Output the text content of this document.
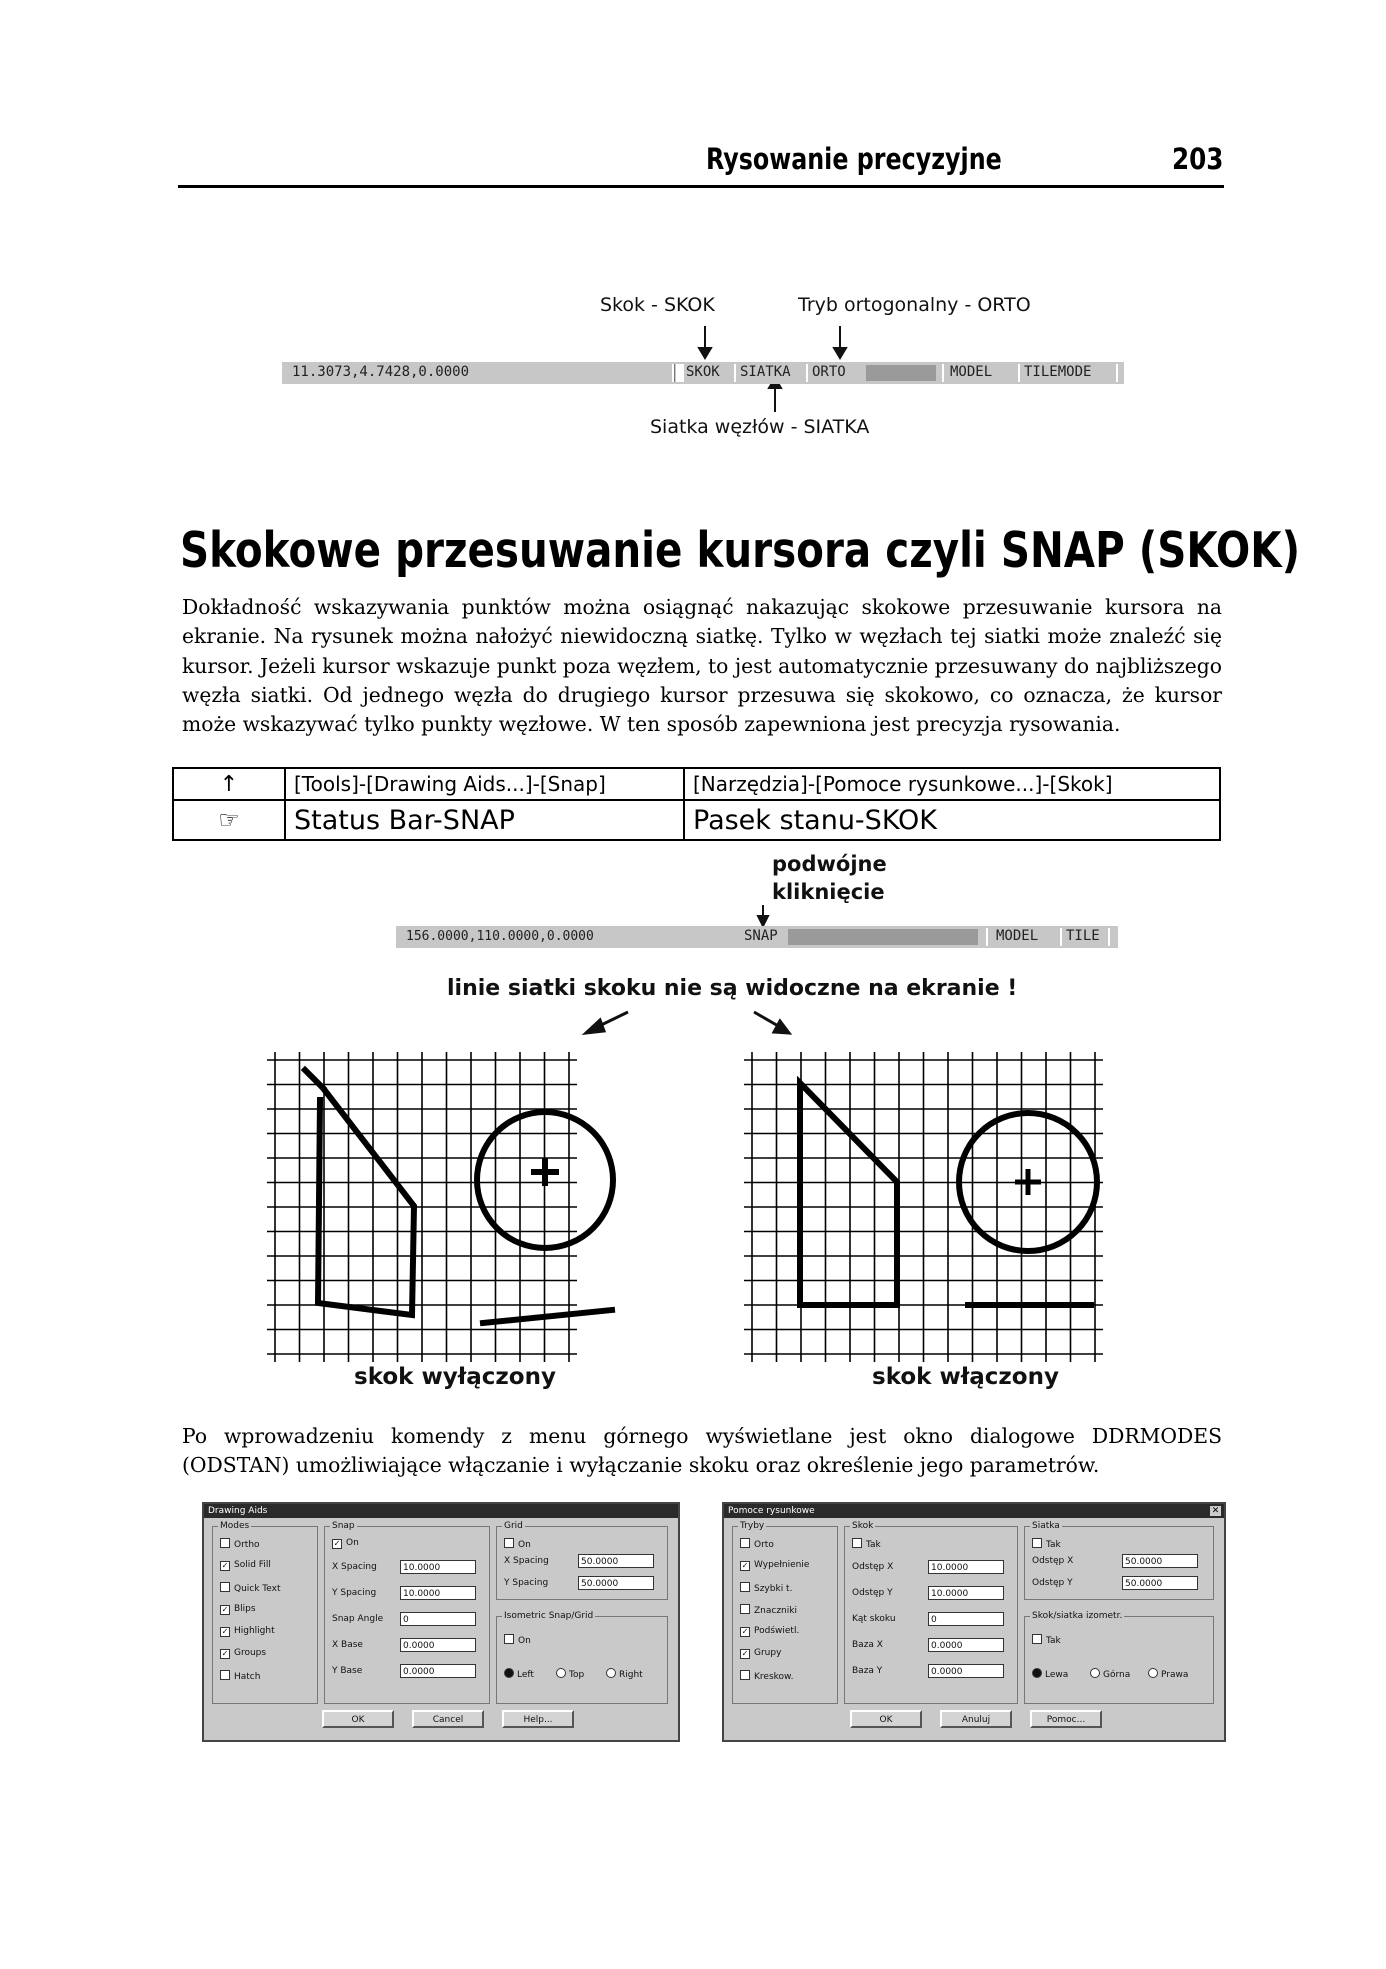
Rysowanie precyzyjne	203
Skok - SKOK	Tryb ortogonalny - ORTO
11.3073,4.7428,0.0000	SKOK SIATKA ORTO	MODEL TILEMODE
Siatka węzłów - SIATKA
Skokowe przesuwanie kursora czyli SNAP (SKOK)
Dokładność wskazywania punktów można osiągnąć nakazując skokowe przesuwanie kursora na ekranie. Na rysunek można nałożyć niewidoczną siatkę. Tylko w węzłach tej siatki może znaleźć się kursor. Jeżeli kursor wskazuje punkt poza węzłem, to jest automatycznie przesuwany do najbliższego węzła siatki. Od jednego węzła do drugiego kursor przesuwa się skokowo, co oznacza, że kursor może wskazywać tylko punkty węzłowe. W ten sposób zapewniona jest precyzja rysowania.
↑	[Tools]-[Drawing Aids...]-[Snap]	[Narzędzia]-[Pomoce rysunkowe...]-[Skok]
☞	Status Bar-SNAP	Pasek stanu-SKOK
podwójne
kliknięcie
156.0000,110.0000,0.0000	SNAP	MODEL TILE
linie siatki skoku nie są widoczne na ekranie !
skok wyłączony	skok włączony
Po wprowadzeniu komendy z menu górnego wyświetlane jest okno dialogowe DDRMODES (ODSTAN) umożliwiające włączanie i wyłączanie skoku oraz określenie jego parametrów.
Drawing Aids
Modes	Snap	Grid
Isometric Snap/Grid
✓ On	On
On
Left	Top	Right
OK	Cancel	Help...
Ortho
✓ Solid Fill
Quick Text
✓ Blips
✓ Highlight
✓ Groups
Hatch
X Spacing	10.0000
Y Spacing	10.0000
Snap Angle	0
X Base	0.0000
Y Base	0.0000
X Spacing	50.0000
Y Spacing	50.0000
Pomoce rysunkowe	✕
Tryby	Skok	Siatka
Skok/siatka izometr.
Tak	Tak
Tak
Lewa	Górna	Prawa
OK	Anuluj	Pomoc...
Orto
✓ Wypełnienie
Szybki t.
Znaczniki
✓ Podświetl.
✓ Grupy
Kreskow.
Odstęp X	10.0000
Odstęp Y	10.0000
Kąt skoku	0
Baza X	0.0000
Baza Y	0.0000
Odstęp X	50.0000
Odstęp Y	50.0000
